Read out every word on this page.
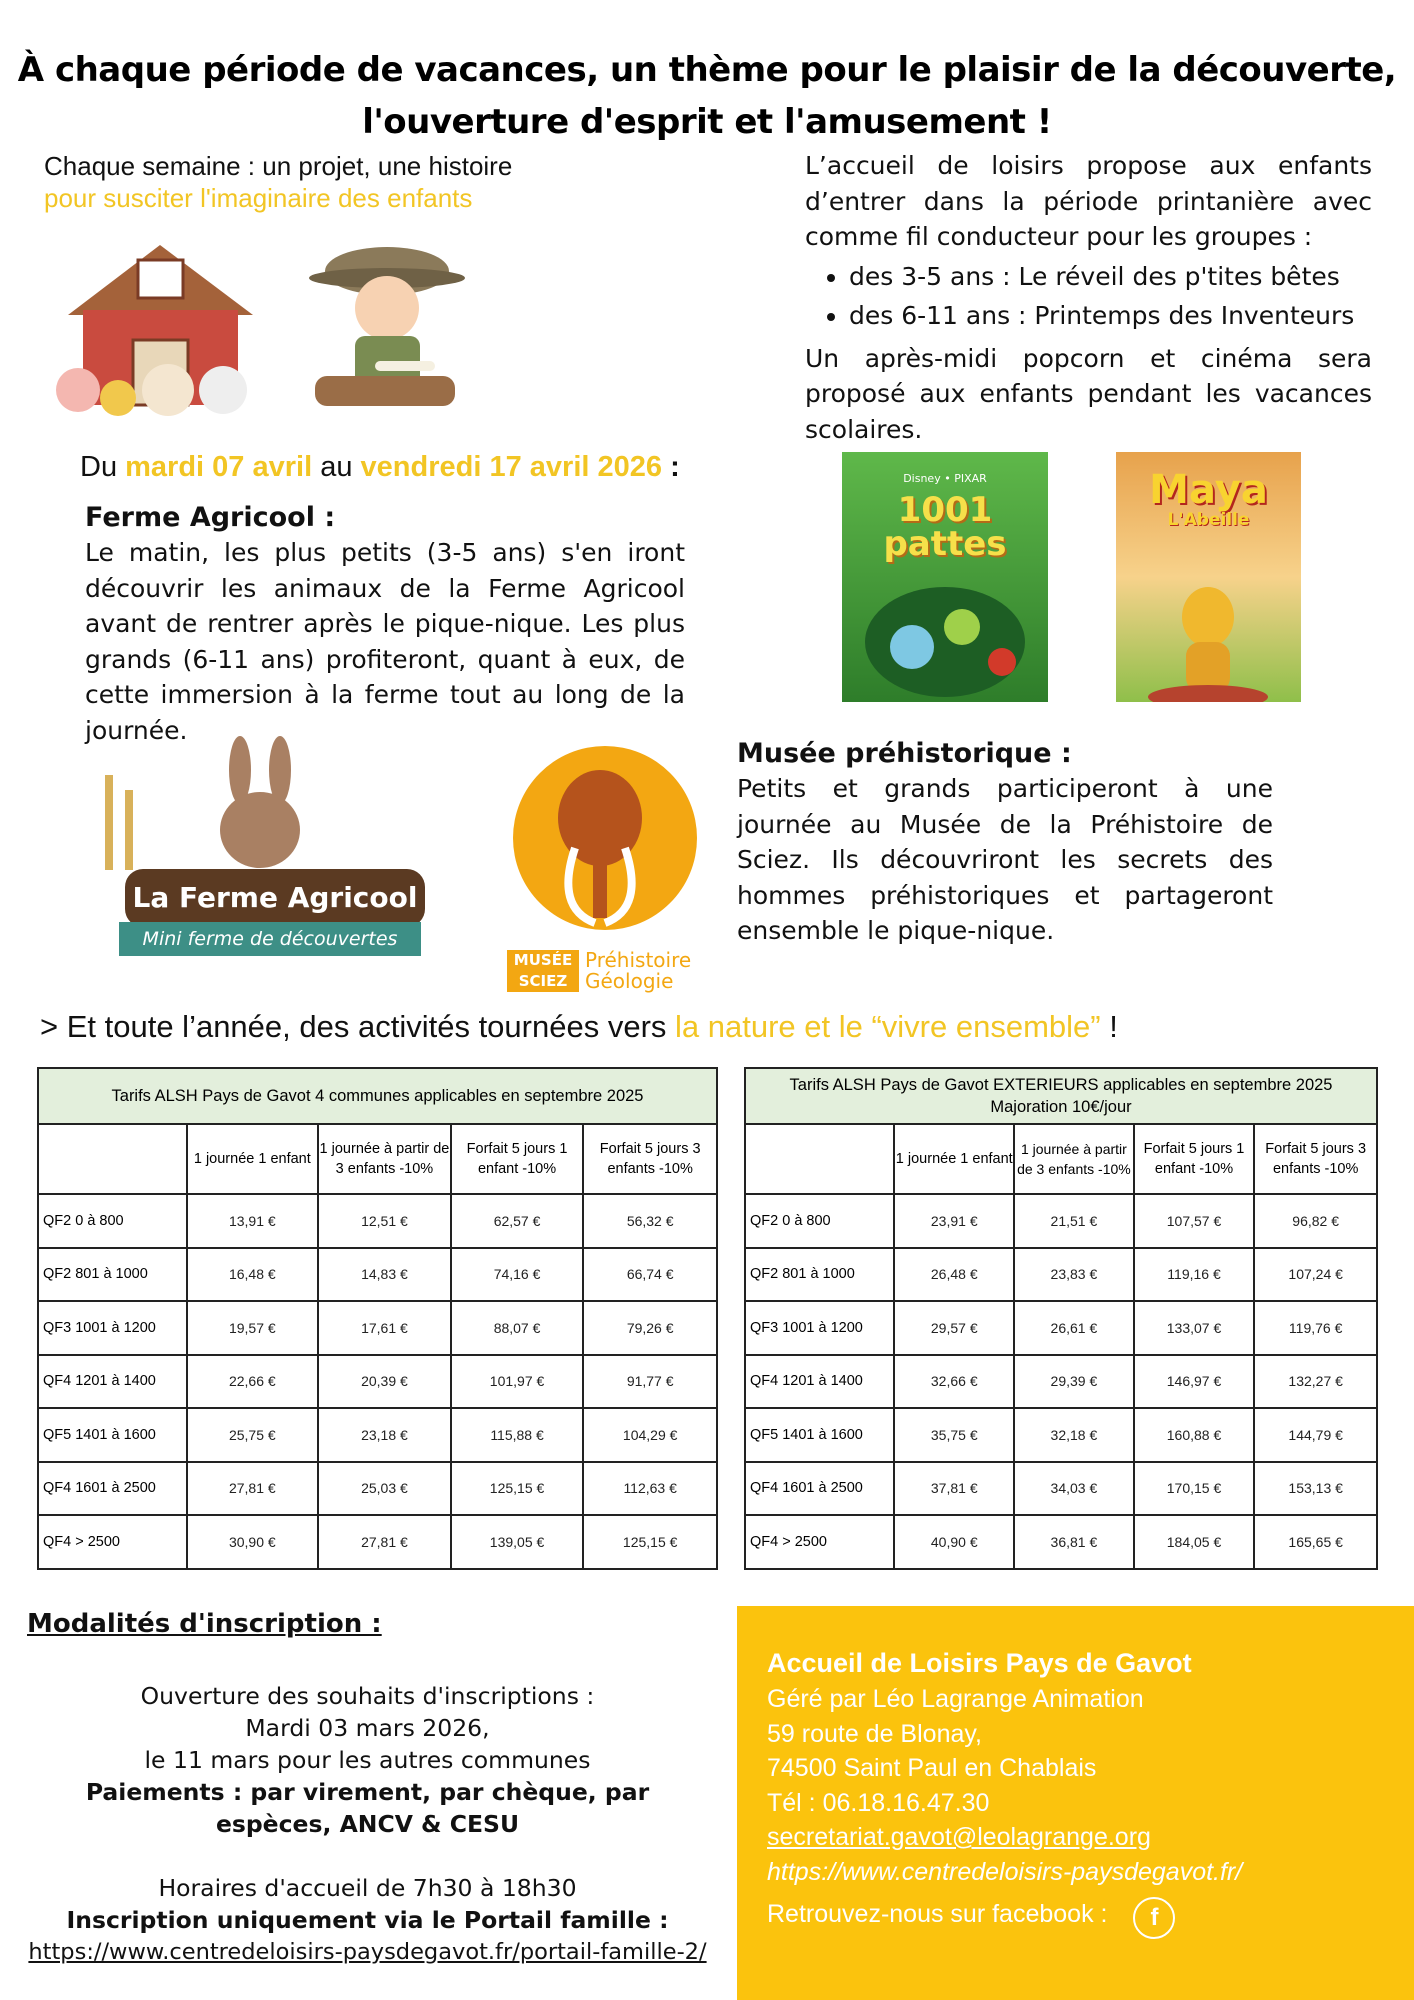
À chaque période de vacances, un thème pour le plaisir de la découverte,
l'ouverture d'esprit et l'amusement !
Chaque semaine : un projet, une histoire
pour susciter l'imaginaire des enfants
Du mardi 07 avril au vendredi 17 avril 2026 :
Ferme Agricool :
Le matin, les plus petits (3-5 ans) s'en iront découvrir les animaux de la Ferme Agricool avant de rentrer après le pique-nique. Les plus grands (6-11 ans) profiteront, quant à eux, de cette immersion à la ferme tout au long de la journée.
L’accueil de loisirs propose aux enfants d’entrer dans la période printanière avec comme fil conducteur pour les groupes :
• des 3-5 ans : Le réveil des p'tites bêtes
• des 6-11 ans : Printemps des Inventeurs
Un après-midi popcorn et cinéma sera proposé aux enfants pendant les vacances scolaires.
Disney • PIXAR
1001 pattes
Maya
L'Abeille
La Ferme Agricool
Mini ferme de découvertes
MUSÉE
SCIEZ
Préhistoire
Géologie
Musée préhistorique :
Petits et grands participeront à une journée au Musée de la Préhistoire de Sciez. Ils découvriront les secrets des hommes préhistoriques et partageront ensemble le pique-nique.
> Et toute l’année, des activités tournées vers la nature et le “vivre ensemble” !
Tarifs ALSH Pays de Gavot 4 communes applicables en septembre 2025				
	1 journée 1 enfant	1 journée à partir de 3 enfants -10%	Forfait 5 jours 1 enfant -10%	Forfait 5 jours 3 enfants -10%
QF2 0 à 800	13,91 €	12,51 €	62,57 €	56,32 €
QF2 801 à 1000	16,48 €	14,83 €	74,16 €	66,74 €
QF3 1001 à 1200	19,57 €	17,61 €	88,07 €	79,26 €
QF4 1201 à 1400	22,66 €	20,39 €	101,97 €	91,77 €
QF5 1401 à 1600	25,75 €	23,18 €	115,88 €	104,29 €
QF4 1601 à 2500	27,81 €	25,03 €	125,15 €	112,63 €
QF4 > 2500	30,90 €	27,81 €	139,05 €	125,15 €
Tarifs ALSH Pays de Gavot EXTERIEURS applicables en septembre 2025
Majoration 10€/jour				

	1 journée 1 enfant	1 journée à partir de 3 enfants -10%	Forfait 5 jours 1 enfant -10%	Forfait 5 jours 3 enfants -10%
QF2 0 à 800	23,91 €	21,51 €	107,57 €	96,82 €
QF2 801 à 1000	26,48 €	23,83 €	119,16 €	107,24 €
QF3 1001 à 1200	29,57 €	26,61 €	133,07 €	119,76 €
QF4 1201 à 1400	32,66 €	29,39 €	146,97 €	132,27 €
QF5 1401 à 1600	35,75 €	32,18 €	160,88 €	144,79 €
QF4 1601 à 2500	37,81 €	34,03 €	170,15 €	153,13 €
QF4 > 2500	40,90 €	36,81 €	184,05 €	165,65 €
Modalités d'inscription :
Ouverture des souhaits d'inscriptions :
Mardi 03 mars 2026,
le 11 mars pour les autres communes
Paiements : par virement, par chèque, par espèces, ANCV & CESU
Horaires d'accueil de 7h30 à 18h30
Inscription uniquement via le Portail famille :
https://www.centredeloisirs-paysdegavot.fr/portail-famille-2/
Accueil de Loisirs Pays de Gavot
Géré par Léo Lagrange Animation
59 route de Blonay,
74500 Saint Paul en Chablais
Tél : 06.18.16.47.30
secretariat.gavot@leolagrange.org
https://www.centredeloisirs-paysdegavot.fr/
Retrouvez-nous sur facebook :	f
